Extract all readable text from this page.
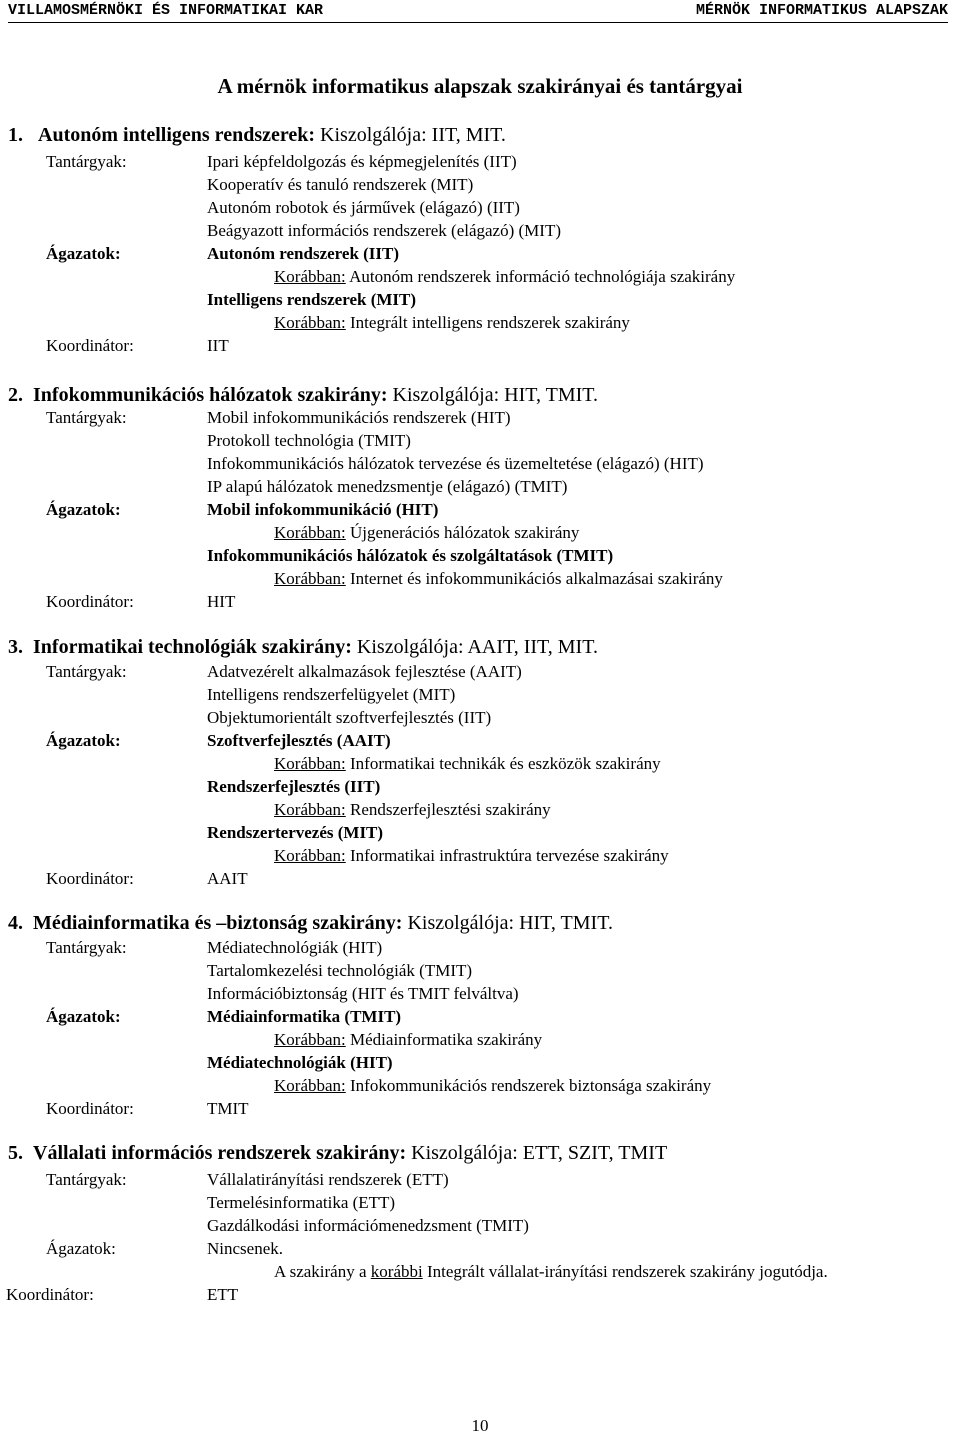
VILLAMOSMÉRNÖKI ÉS INFORMATIKAI KAR	MÉRNÖK INFORMATIKUS ALAPSZAK
A mérnök informatikus alapszak szakirányai és tantárgyai
1. Autonóm intelligens rendszerek: Kiszolgálója: IIT, MIT.
Tantárgyak:	Ipari képfeldolgozás és képmegjelenítés (IIT)
Kooperatív és tanuló rendszerek (MIT)
Autonóm robotok és járművek (elágazó) (IIT)
Beágyazott információs rendszerek (elágazó) (MIT)
Ágazatok:	Autonóm rendszerek (IIT)
Korábban: Autonóm rendszerek információ technológiája szakirány
Intelligens rendszerek (MIT)
Korábban: Integrált intelligens rendszerek szakirány
Koordinátor:	IIT
2. Infokommunikációs hálózatok szakirány: Kiszolgálója: HIT, TMIT.
Tantárgyak:	Mobil infokommunikációs rendszerek (HIT)
Protokoll technológia (TMIT)
Infokommunikációs hálózatok tervezése és üzemeltetése (elágazó) (HIT)
IP alapú hálózatok menedzsmentje (elágazó) (TMIT)
Ágazatok:	Mobil infokommunikáció (HIT)
Korábban: Újgenerációs hálózatok szakirány
Infokommunikációs hálózatok és szolgáltatások (TMIT)
Korábban: Internet és infokommunikációs alkalmazásai szakirány
Koordinátor:	HIT
3. Informatikai technológiák szakirány: Kiszolgálója: AAIT, IIT, MIT.
Tantárgyak:	Adatvezérelt alkalmazások fejlesztése (AAIT)
Intelligens rendszerfelügyelet (MIT)
Objektumorientált szoftverfejlesztés (IIT)
Ágazatok:	Szoftverfejlesztés (AAIT)
Korábban: Informatikai technikák és eszközök szakirány
Rendszerfejlesztés (IIT)
Korábban: Rendszerfejlesztési szakirány
Rendszertervezés (MIT)
Korábban: Informatikai infrastruktúra tervezése szakirány
Koordinátor:	AAIT
4. Médiainformatika és –biztonság szakirány: Kiszolgálója: HIT, TMIT.
Tantárgyak:	Médiatechnológiák (HIT)
Tartalomkezelési technológiák (TMIT)
Információbiztonság (HIT és TMIT felváltva)
Ágazatok:	Médiainformatika (TMIT)
Korábban: Médiainformatika szakirány
Médiatechnológiák (HIT)
Korábban: Infokommunikációs rendszerek biztonsága szakirány
Koordinátor:	TMIT
5. Vállalati információs rendszerek szakirány: Kiszolgálója: ETT, SZIT, TMIT
Tantárgyak:	Vállalatirányítási rendszerek (ETT)
Termelésinformatika (ETT)
Gazdálkodási információmenedzsment (TMIT)
Ágazatok:	Nincsenek.
A szakirány a korábbi Integrált vállalat-irányítási rendszerek szakirány jogutódja.
Koordinátor:	ETT
10
